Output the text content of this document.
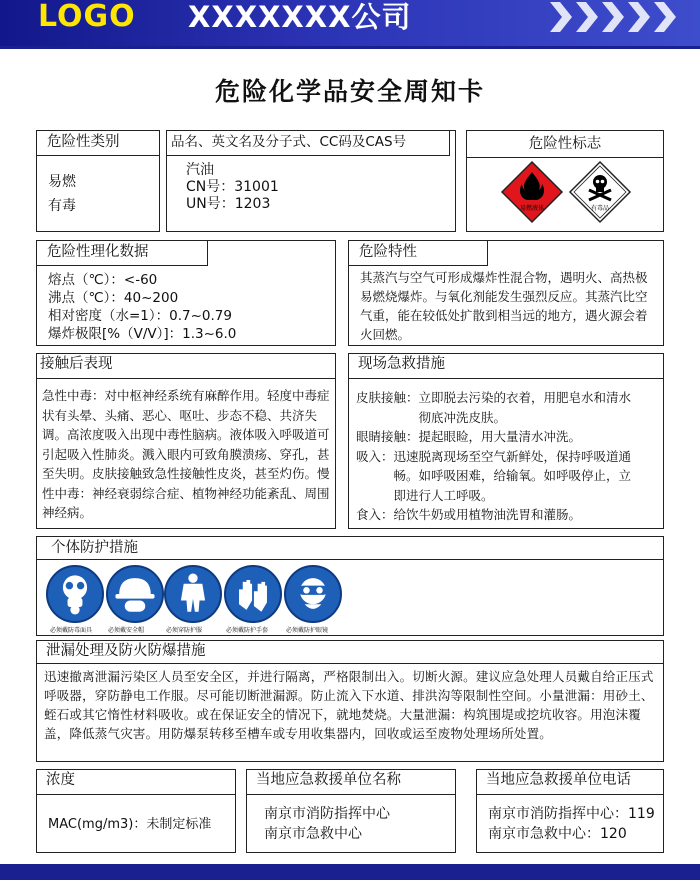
LOGO XXXXXXX公司
危险化学品安全周知卡
危险性类别
易燃
有毒
品名、英文名及分子式、CC码及CAS号
汽油
CN号：31001
UN号：1203
危险性标志
易燃液体	有毒品
危险性理化数据
熔点（℃）：<-60
沸点（℃）：40~200
相对密度（水=1）：0.7~0.79
爆炸极限[%（V/V）]：1.3~6.0
危险特性
其蒸汽与空气可形成爆炸性混合物，遇明火、高热极易燃烧爆炸。与氧化剂能发生强烈反应。其蒸汽比空气重，能在较低处扩散到相当远的地方，遇火源会着火回燃。
接触后表现
急性中毒：对中枢神经系统有麻醉作用。轻度中毒症状有头晕、头痛、恶心、呕吐、步态不稳、共济失调。高浓度吸入出现中毒性脑病。液体吸入呼吸道可引起吸入性肺炎。溅入眼内可致角膜溃疡、穿孔，甚至失明。皮肤接触致急性接触性皮炎，甚至灼伤。慢性中毒：神经衰弱综合症、植物神经功能紊乱、周围神经病。
现场急救措施
皮肤接触： 立即脱去污染的衣着，用肥皂水和清水彻底冲洗皮肤。
眼睛接触： 提起眼睑，用大量清水冲洗。
吸入： 迅速脱离现场至空气新鲜处，保持呼吸道通畅。如呼吸困难，给输氧。如呼吸停止，立即进行人工呼吸。
食入： 给饮牛奶或用植物油洗胃和灌肠。
个体防护措施
必须戴防毒面具	必须戴安全帽	必须穿防护服	必须戴防护手套	必须戴防护眼镜
泄漏处理及防火防爆措施
迅速撤离泄漏污染区人员至安全区，并进行隔离，严格限制出入。切断火源。建议应急处理人员戴自给正压式呼吸器，穿防静电工作服。尽可能切断泄漏源。防止流入下水道、排洪沟等限制性空间。小量泄漏：用砂土、蛭石或其它惰性材料吸收。或在保证安全的情况下，就地焚烧。大量泄漏：构筑围堤或挖坑收容。用泡沫覆盖，降低蒸气灾害。用防爆泵转移至槽车或专用收集器内，回收或运至废物处理场所处置。
浓度
MAC(mg/m3)：未制定标准
当地应急救援单位名称
南京市消防指挥中心
南京市急救中心
当地应急救援单位电话
南京市消防指挥中心：119
南京市急救中心：120
